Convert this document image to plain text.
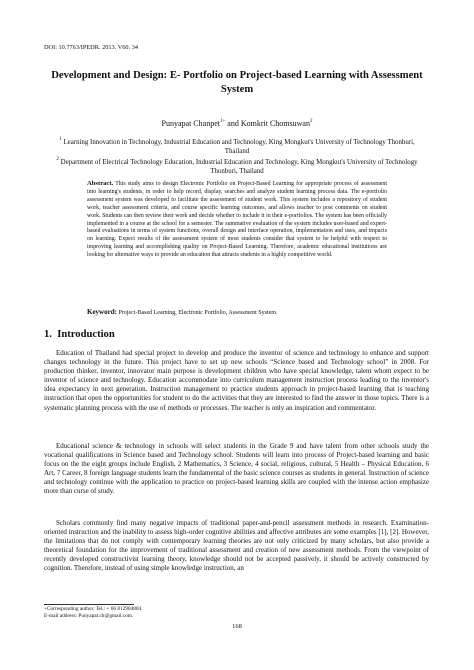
DOI: 10.7763/IPEDR. 2013. V60. 34
Development and Design: E- Portfolio on Project-based Learning with Assessment System
Punyapat Chanpet$^{1+}$ and Komkrit Chomsuwan$^2$
$^1$ Learning Innovation in Technology, Industrial Education and Technology, King Mongkut's University of Technology Thonburi, Thailand
$^2$ Department of Electrical Technology Education, Industrial Education and Technology, King Mongkut's University of Technology Thonburi, Thailand
Abstract. This study aims to design Electronic Portfolio on Project-Based Learning for appropriate process of assessment into learning's students, in order to help record, display, searches and analyze student learning process data. The e-portfolio assessment system was developed to facilitate the assessment of student work. This system includes a repository of student work, teacher assessment criteria, and course specific learning outcomes, and allows teacher to post comments on student work. Students can then review their work and decide whether to include it in their e-portfolios. The system has been officially implemented in a course at the school for a semester. The summative evaluation of the system includes user-based and expert-based evaluations in terms of system functions, overall design and interface operation, implementation and uses, and impacts on learning. Expect results of the assessment system of most students consider that system to be helpful with respect to improving learning and accomplishing quality on Project-Based Learning. Therefore, academic educational institutions are looking for alternative ways to provide an education that attracts students in a highly competitive world.
Keyword: Project-Based Learning, Electronic Portfolio, Assessment System.
1. Introduction

Education of Thailand had special project to develop and produce the inventor of science and technology to enhance and support changes technology in the future. This project have to set up new schools “Science based and Technology school” in 2008. For production thinker, inventor, innovator main purpose is development children who have special knowledge, talent whom expect to be inventor of science and technology. Education accommodate into curriculum management instruction process leading to the inventor's idea expectancy in next generation. Instruction management to practice students approach in project-based learning that is teaching instruction that open the opportunities for student to do the activities that they are interested to find the answer in those topics. There is a systematic planning process with the use of methods or processes. The teacher is only an inspiration and commentator.

Educational science & technology in schools will select students in the Grade 9 and have talent from other schools study the vocational qualifications in Science based and Technology school. Students will learn into process of Project-based learning and basic focus on the the eight groups include English, 2 Mathematics, 3 Science, 4 social, religious, cultural, 5 Health – Physical Education, 6 Art, 7 Career, 8 foreign language students learn the fundamental of the basic science courses as students in general. Instruction of science and technology continue with the application to practice on project-based learning skills are coupled with the intense action emphasize more than curse of study.

Scholars commonly find many negative impacts of traditional paper-and-pencil assessment methods in research. Examination-oriented instruction and the inability to assess high-order cognitive abilities and affective attributes are some examples [1], [2]. However, the limitations that do not comply with contemporary learning theories are not only criticized by many scholars, but also provide a theoretical foundation for the improvement of traditional assessment and creation of new assessment methods. From the viewpoint of recently developed constructivist learning theory, knowledge should not be accepted passively, it should be actively constructed by cognition. Therefore, instead of using simple knowledge instruction, an

+Corresponding author. Tel.: + 66 812904804.
E-mail address: Punyapat.ch@gmail.com.
168
